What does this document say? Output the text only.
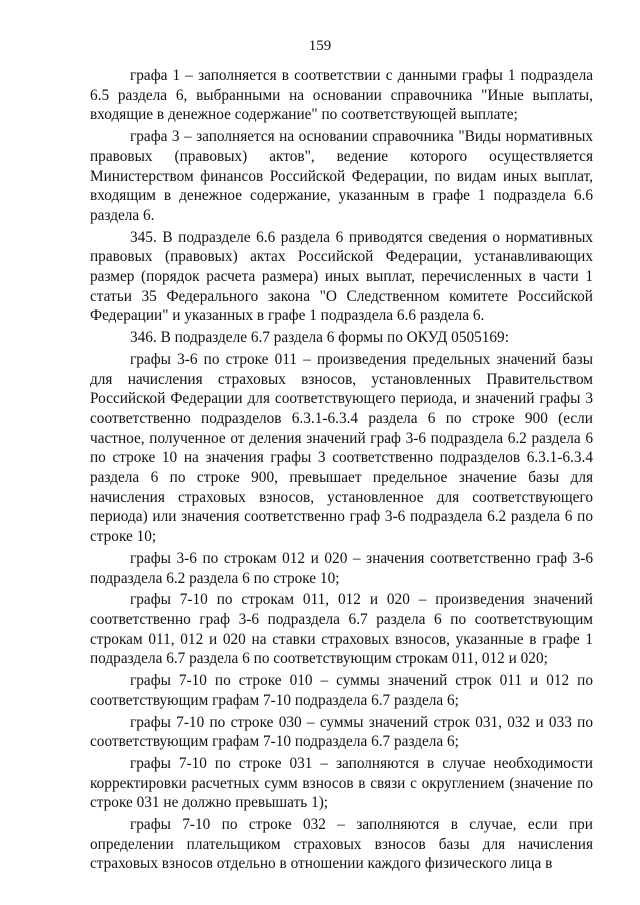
159

графа 1 – заполняется в соответствии с данными графы 1 подраздела 6.5 раздела 6, выбранными на основании справочника "Иные выплаты, входящие в денежное содержание" по соответствующей выплате;

графа 3 – заполняется на основании справочника "Виды нормативных правовых (правовых) актов", ведение которого осуществляется Министерством финансов Российской Федерации, по видам иных выплат, входящим в денежное содержание, указанным в графе 1 подраздела 6.6 раздела 6.

345. В подразделе 6.6 раздела 6 приводятся сведения о нормативных правовых (правовых) актах Российской Федерации, устанавливающих размер (порядок расчета размера) иных выплат, перечисленных в части 1 статьи 35 Федерального закона "О Следственном комитете Российской Федерации" и указанных в графе 1 подраздела 6.6 раздела 6.

346. В подразделе 6.7 раздела 6 формы по ОКУД 0505169:

графы 3-6 по строке 011 – произведения предельных значений базы для начисления страховых взносов, установленных Правительством Российской Федерации для соответствующего периода, и значений графы 3 соответственно подразделов 6.3.1-6.3.4 раздела 6 по строке 900 (если частное, полученное от деления значений граф 3-6 подраздела 6.2 раздела 6 по строке 10 на значения графы 3 соответственно подразделов 6.3.1-6.3.4 раздела 6 по строке 900, превышает предельное значение базы для начисления страховых взносов, установленное для соответствующего периода) или значения соответственно граф 3-6 подраздела 6.2 раздела 6 по строке 10;

графы 3-6 по строкам 012 и 020 – значения соответственно граф 3-6 подраздела 6.2 раздела 6 по строке 10;

графы 7-10 по строкам 011, 012 и 020 – произведения значений соответственно граф 3-6 подраздела 6.7 раздела 6 по соответствующим строкам 011, 012 и 020 на ставки страховых взносов, указанные в графе 1 подраздела 6.7 раздела 6 по соответствующим строкам 011, 012 и 020;

графы 7-10 по строке 010 – суммы значений строк 011 и 012 по соответствующим графам 7-10 подраздела 6.7 раздела 6;

графы 7-10 по строке 030 – суммы значений строк 031, 032 и 033 по соответствующим графам 7-10 подраздела 6.7 раздела 6;

графы 7-10 по строке 031 – заполняются в случае необходимости корректировки расчетных сумм взносов в связи с округлением (значение по строке 031 не должно превышать 1);

графы 7-10 по строке 032 – заполняются в случае, если при определении плательщиком страховых взносов базы для начисления страховых взносов отдельно в отношении каждого физического лица в
